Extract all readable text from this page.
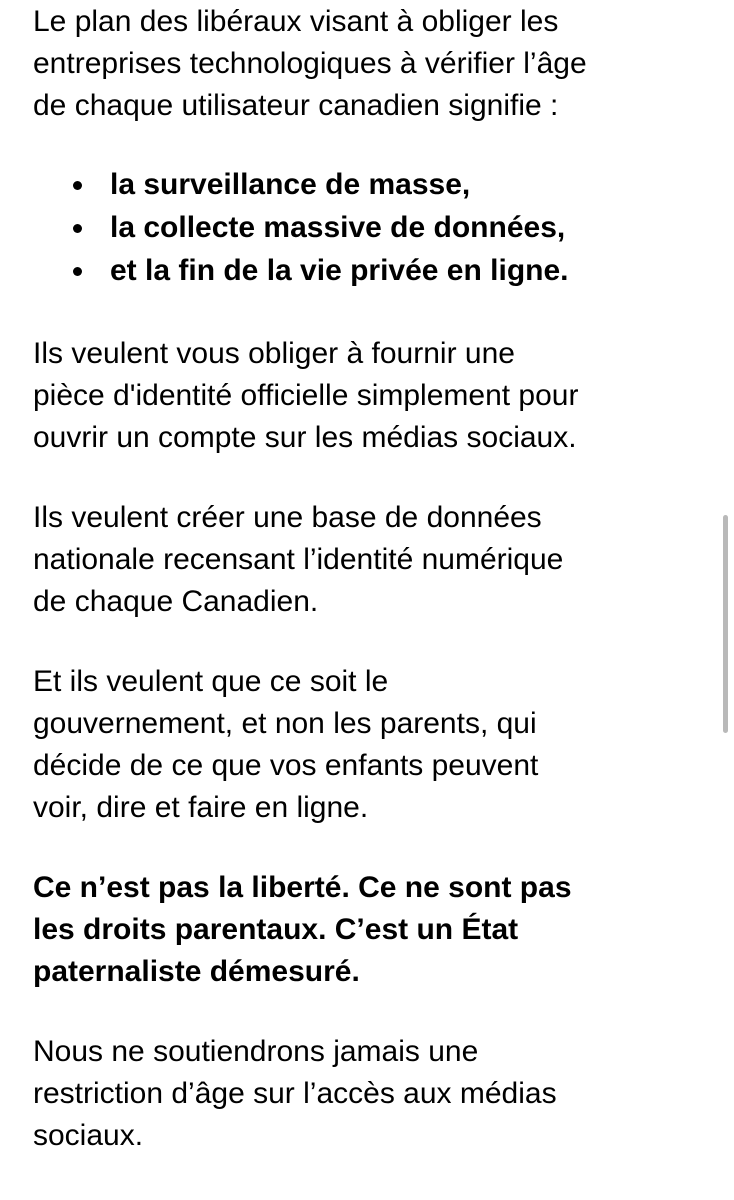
Le plan des libéraux visant à obliger les
entreprises technologiques à vérifier l’âge
de chaque utilisateur canadien signifie :

la surveillance de masse,
la collecte massive de données,
et la fin de la vie privée en ligne.

Ils veulent vous obliger à fournir une
pièce d'identité officielle simplement pour
ouvrir un compte sur les médias sociaux.

Ils veulent créer une base de données
nationale recensant l’identité numérique
de chaque Canadien.

Et ils veulent que ce soit le
gouvernement, et non les parents, qui
décide de ce que vos enfants peuvent
voir, dire et faire en ligne.

Ce n’est pas la liberté. Ce ne sont pas
les droits parentaux. C’est un État
paternaliste démesuré.

Nous ne soutiendrons jamais une
restriction d’âge sur l’accès aux médias
sociaux.
